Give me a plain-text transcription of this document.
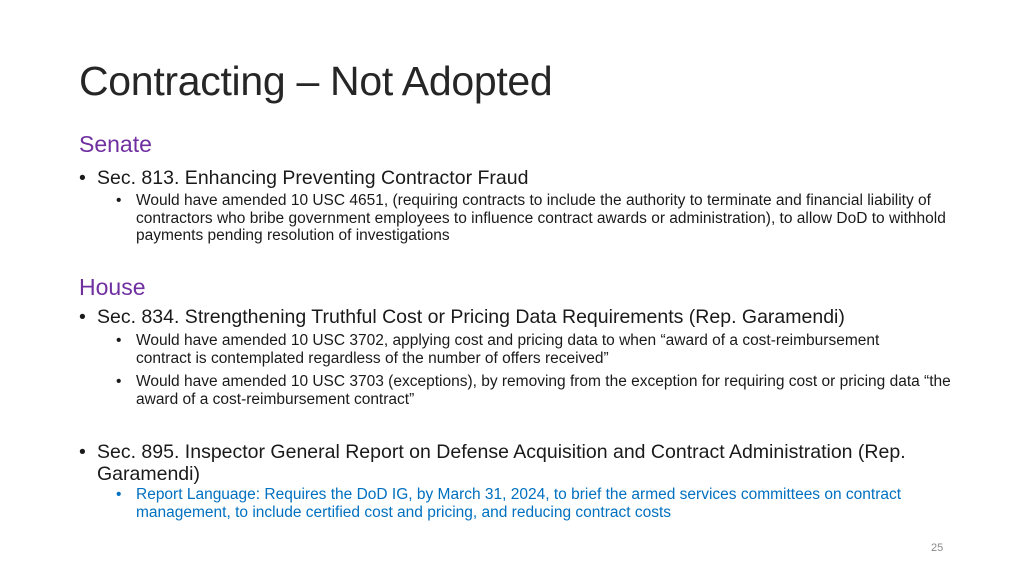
Contracting – Not Adopted
Senate
• Sec. 813. Enhancing Preventing Contractor Fraud
• Would have amended 10 USC 4651, (requiring contracts to include the authority to terminate and financial liability of contractors who bribe government employees to influence contract awards or administration), to allow DoD to withhold payments pending resolution of investigations
House
• Sec. 834. Strengthening Truthful Cost or Pricing Data Requirements (Rep. Garamendi)
• Would have amended 10 USC 3702, applying cost and pricing data to when “award of a cost-reimbursement contract is contemplated regardless of the number of offers received”
• Would have amended 10 USC 3703 (exceptions), by removing from the exception for requiring cost or pricing data “the award of a cost-reimbursement contract”
• Sec. 895. Inspector General Report on Defense Acquisition and Contract Administration (Rep. Garamendi)
• Report Language: Requires the DoD IG, by March 31, 2024, to brief the armed services committees on contract management, to include certified cost and pricing, and reducing contract costs
25
